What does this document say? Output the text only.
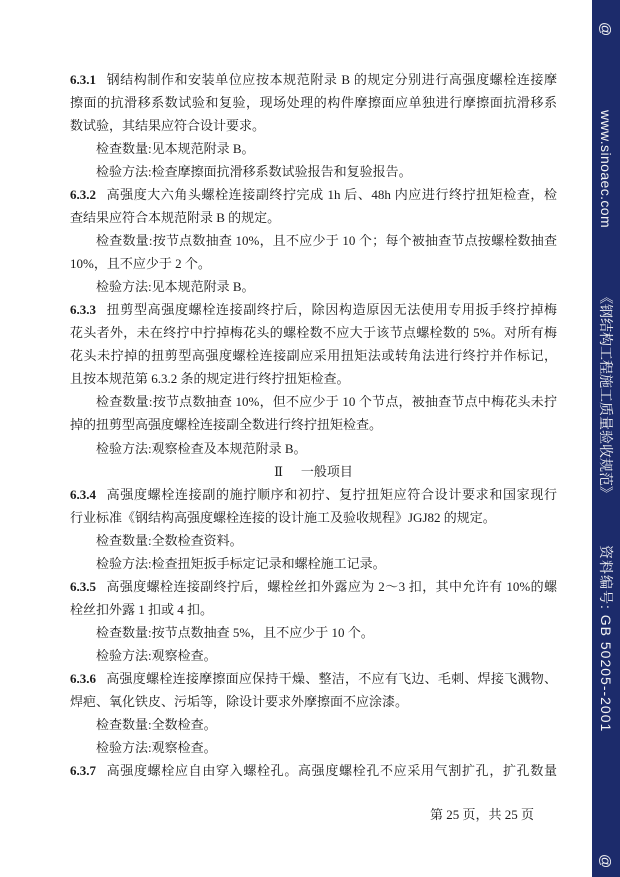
6.3.1 钢结构制作和安装单位应按本规范附录 B 的规定分别进行高强度螺栓连接摩
擦面的抗滑移系数试验和复验，现场处理的构件摩擦面应单独进行摩擦面抗滑移系
数试验，其结果应符合设计要求。
检查数量:见本规范附录 B。
检验方法:检查摩擦面抗滑移系数试验报告和复验报告。
6.3.2 高强度大六角头螺栓连接副终拧完成 1h 后、48h 内应进行终拧扭矩检查，检
查结果应符合本规范附录 B 的规定。
检查数量:按节点数抽查 10%，且不应少于 10 个；每个被抽查节点按螺栓数抽查
10%，且不应少于 2 个。
检验方法:见本规范附录 B。
6.3.3 扭剪型高强度螺栓连接副终拧后，除因构造原因无法使用专用扳手终拧掉梅
花头者外，未在终拧中拧掉梅花头的螺栓数不应大于该节点螺栓数的 5%。对所有梅
花头未拧掉的扭剪型高强度螺栓连接副应采用扭矩法或转角法进行终拧并作标记，
且按本规范第 6.3.2 条的规定进行终拧扭矩检查。
检查数量:按节点数抽查 10%，但不应少于 10 个节点，被抽查节点中梅花头未拧
掉的扭剪型高强度螺栓连接副全数进行终拧扭矩检查。
检验方法:观察检查及本规范附录 B。
Ⅱ 一般项目
6.3.4 高强度螺栓连接副的施拧顺序和初拧、复拧扭矩应符合设计要求和国家现行
行业标准《钢结构高强度螺栓连接的设计施工及验收规程》JGJ82 的规定。
检查数量:全数检查资料。
检验方法:检查扭矩扳手标定记录和螺栓施工记录。
6.3.5 高强度螺栓连接副终拧后，螺栓丝扣外露应为 2～3 扣，其中允许有 10%的螺
栓丝扣外露 1 扣或 4 扣。
检查数量:按节点数抽查 5%，且不应少于 10 个。
检验方法:观察检查。
6.3.6 高强度螺栓连接摩擦面应保持干燥、整洁，不应有飞边、毛刺、焊接飞溅物、
焊疤、氧化铁皮、污垢等，除设计要求外摩擦面不应涂漆。
检查数量:全数检查。
检验方法:观察检查。
6.3.7 高强度螺栓应自由穿入螺栓孔。高强度螺栓孔不应采用气割扩孔，扩孔数量
第 25 页，共 25 页
@
www.sinoaec.com
《钢结构工程施工质量验收规范》
资料编号: GB 50205--2001
@
